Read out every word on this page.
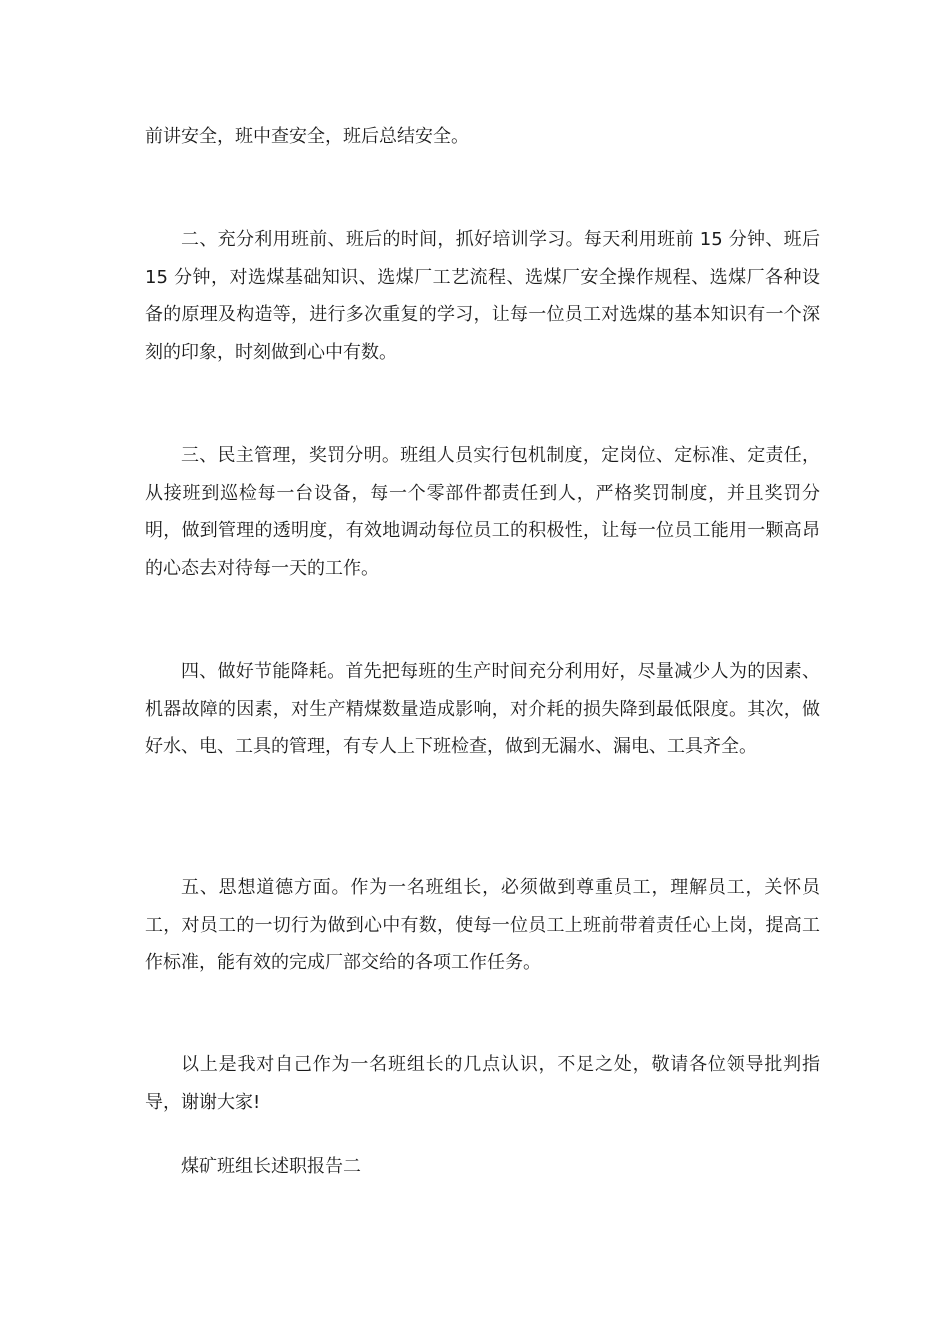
前讲安全，班中查安全，班后总结安全。

二、充分利用班前、班后的时间，抓好培训学习。每天利用班前 15 分钟、班后 15 分钟，对选煤基础知识、选煤厂工艺流程、选煤厂安全操作规程、选煤厂各种设备的原理及构造等，进行多次重复的学习，让每一位员工对选煤的基本知识有一个深刻的印象，时刻做到心中有数。

三、民主管理，奖罚分明。班组人员实行包机制度，定岗位、定标准、定责任，从接班到巡检每一台设备，每一个零部件都责任到人，严格奖罚制度，并且奖罚分明，做到管理的透明度，有效地调动每位员工的积极性，让每一位员工能用一颗高昂的心态去对待每一天的工作。

四、做好节能降耗。首先把每班的生产时间充分利用好，尽量减少人为的因素、机器故障的因素，对生产精煤数量造成影响，对介耗的损失降到最低限度。其次，做好水、电、工具的管理，有专人上下班检查，做到无漏水、漏电、工具齐全。

五、思想道德方面。作为一名班组长，必须做到尊重员工，理解员工，关怀员工，对员工的一切行为做到心中有数，使每一位员工上班前带着责任心上岗，提高工作标准，能有效的完成厂部交给的各项工作任务。

以上是我对自己作为一名班组长的几点认识，不足之处，敬请各位领导批判指导，谢谢大家!

煤矿班组长述职报告二
